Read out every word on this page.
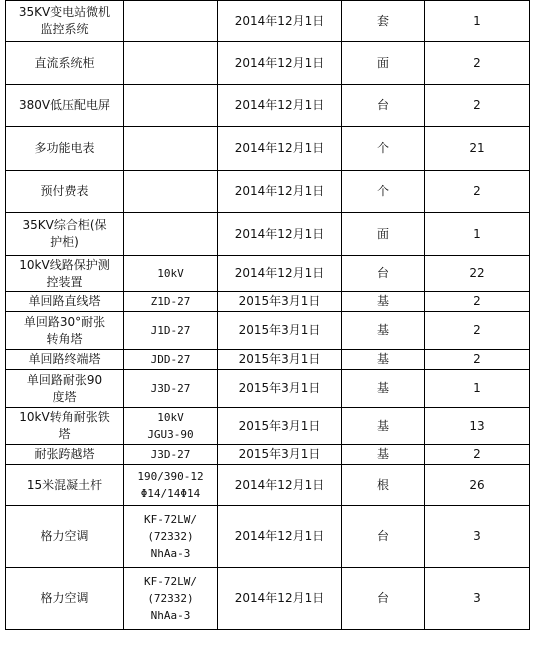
35KV变电站微机
监控系统		2014年12月1日	套	1

直流系统柜		2014年12月1日	面	2

380V低压配电屏		2014年12月1日	台	2

多功能电表		2014年12月1日	个	21

预付费表		2014年12月1日	个	2

35KV综合柜(保
护柜)		2014年12月1日	面	1

10kV线路保护测
控装置	10kV	2014年12月1日	台	22

单回路直线塔	Z1D-27	2015年3月1日	基	2

单回路30°耐张
转角塔	J1D-27	2015年3月1日	基	2

单回路终端塔	JDD-27	2015年3月1日	基	2

单回路耐张90
度塔	J3D-27	2015年3月1日	基	1

10kV转角耐张铁
塔	10kV
JGU3-90	2015年3月1日	基	13

耐张跨越塔	J3D-27	2015年3月1日	基	2

15米混凝土杆	190/390-12
Φ14/14Φ14	2014年12月1日	根	26

格力空调	KF-72LW/
(72332)
NhAa-3	2014年12月1日	台	3

格力空调	KF-72LW/
(72332)
NhAa-3	2014年12月1日	台	3
